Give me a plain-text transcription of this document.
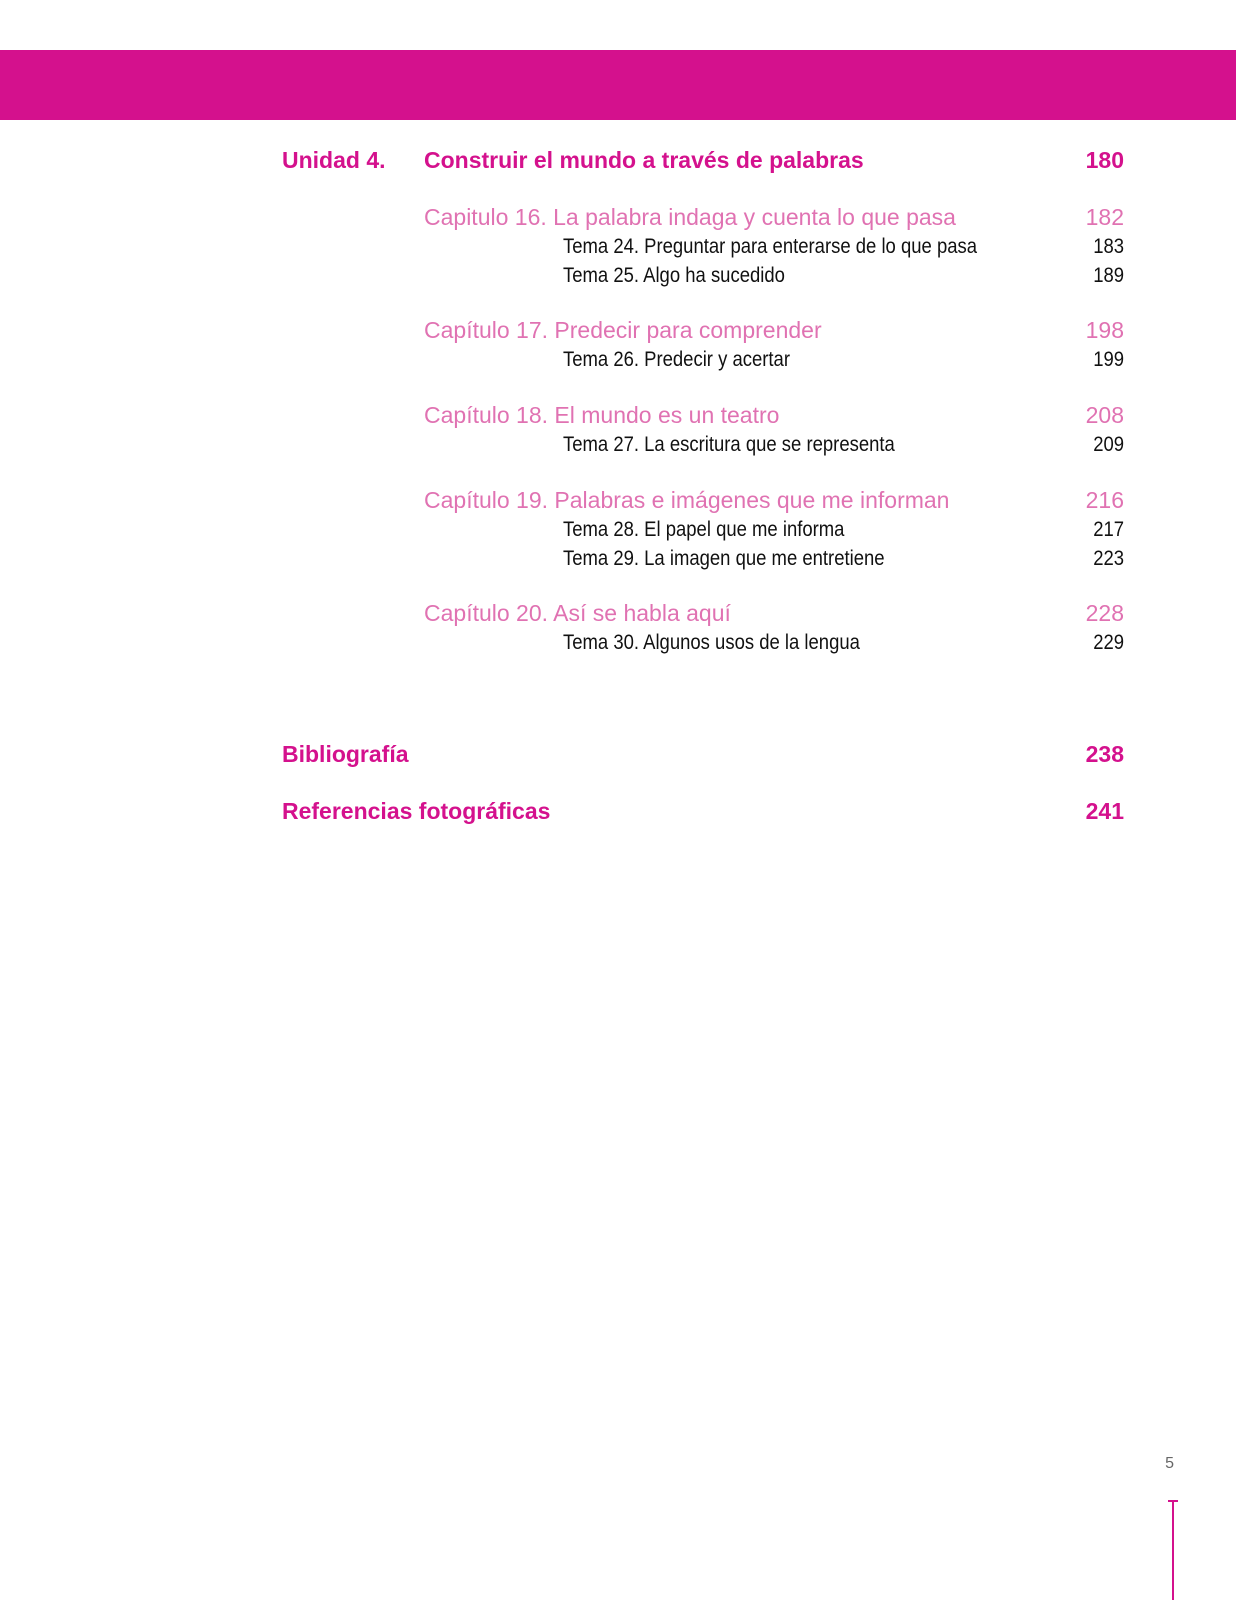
Unidad 4. Construir el mundo a través de palabras	180
Capitulo 16. La palabra indaga y cuenta lo que pasa	182
Tema 24. Preguntar para enterarse de lo que pasa	183
Tema 25. Algo ha sucedido	189
Capítulo 17. Predecir para comprender	198
Tema 26. Predecir y acertar	199
Capítulo 18. El mundo es un teatro	208
Tema 27. La escritura que se representa	209
Capítulo 19. Palabras e imágenes que me informan	216
Tema 28. El papel que me informa	217
Tema 29. La imagen que me entretiene	223
Capítulo 20. Así se habla aquí	228
Tema 30. Algunos usos de la lengua	229
Bibliografía	238
Referencias fotográficas	241
5
